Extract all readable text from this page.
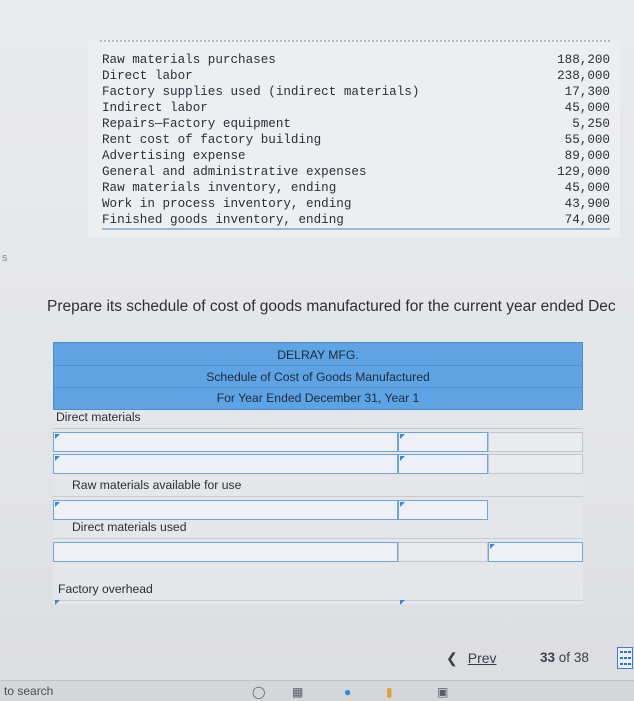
Raw materials purchases	188,200
Direct labor	238,000
Factory supplies used (indirect materials)	17,300
Indirect labor	45,000
Repairs—Factory equipment	5,250
Rent cost of factory building	55,000
Advertising expense	89,000
General and administrative expenses	129,000
Raw materials inventory, ending	45,000
Work in process inventory, ending	43,900
Finished goods inventory, ending	74,000
s
Prepare its schedule of cost of goods manufactured for the current year ended Dec
DELRAY MFG.
Schedule of Cost of Goods Manufactured
For Year Ended December 31, Year 1
Direct materials
Raw materials available for use
Direct materials used
Factory overhead
❮ Prev	33 of 38
to search	◯ ▦	●	▮	▣
